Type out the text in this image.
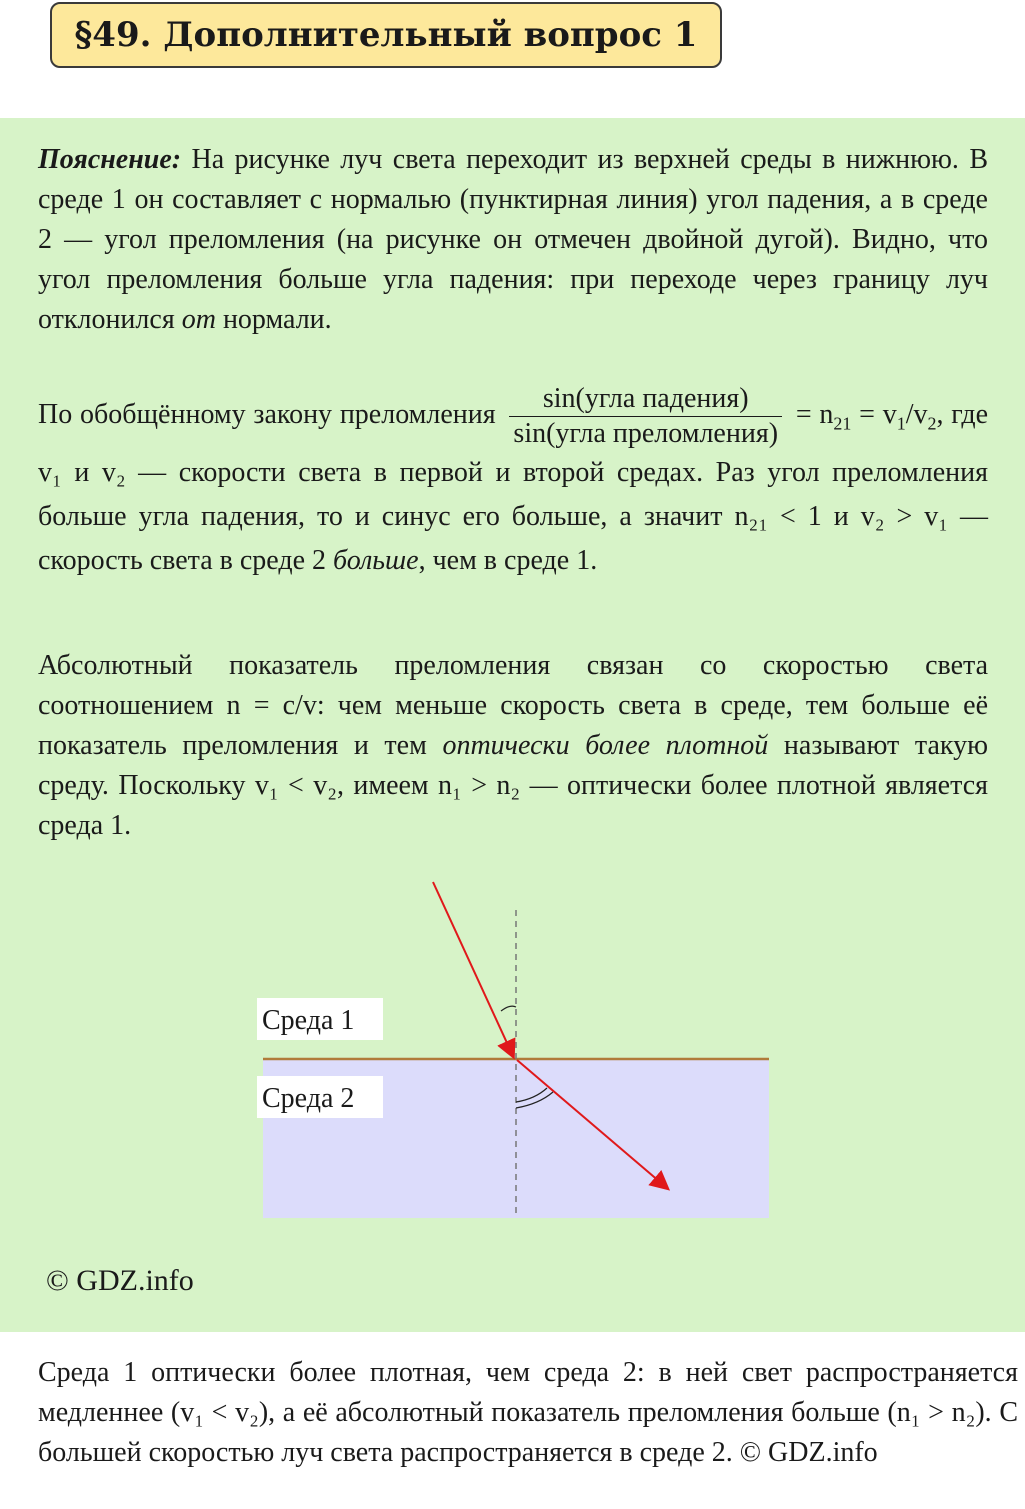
§49. Дополнительный вопрос 1

Пояснение: На рисунке луч света переходит из верхней среды в нижнюю. В среде 1 он составляет с нормалью (пунктирная линия) угол падения, а в среде 2 — угол преломления (на рисунке он отмечен двойной дугой). Видно, что угол преломления больше угла падения: при переходе через границу луч отклонился от нормали.

По обобщённому закону преломления $\frac{\text{sin(угла падения)}}{\text{sin(угла преломления)}} = n_{21} = v_1/v_2$, где v₁ и v₂ — скорости света в первой и второй средах. Раз угол преломления больше угла падения, то и синус его больше, а значит n₂₁ < 1 и v₂ > v₁ — скорость света в среде 2 больше, чем в среде 1.

Абсолютный показатель преломления связан со скоростью света соотношением n = c/v: чем меньше скорость света в среде, тем больше её показатель преломления и тем оптически более плотной называют такую среду. Поскольку v₁ < v₂, имеем n₁ > n₂ — оптически более плотной является среда 1.

Среда 1
Среда 2
© GDZ.info
Среда 1 оптически более плотная, чем среда 2: в ней свет распространяется медленнее (v₁ < v₂), а её абсолютный показатель преломления больше (n₁ > n₂). С большей скоростью луч света распространяется в среде 2. © GDZ.info
